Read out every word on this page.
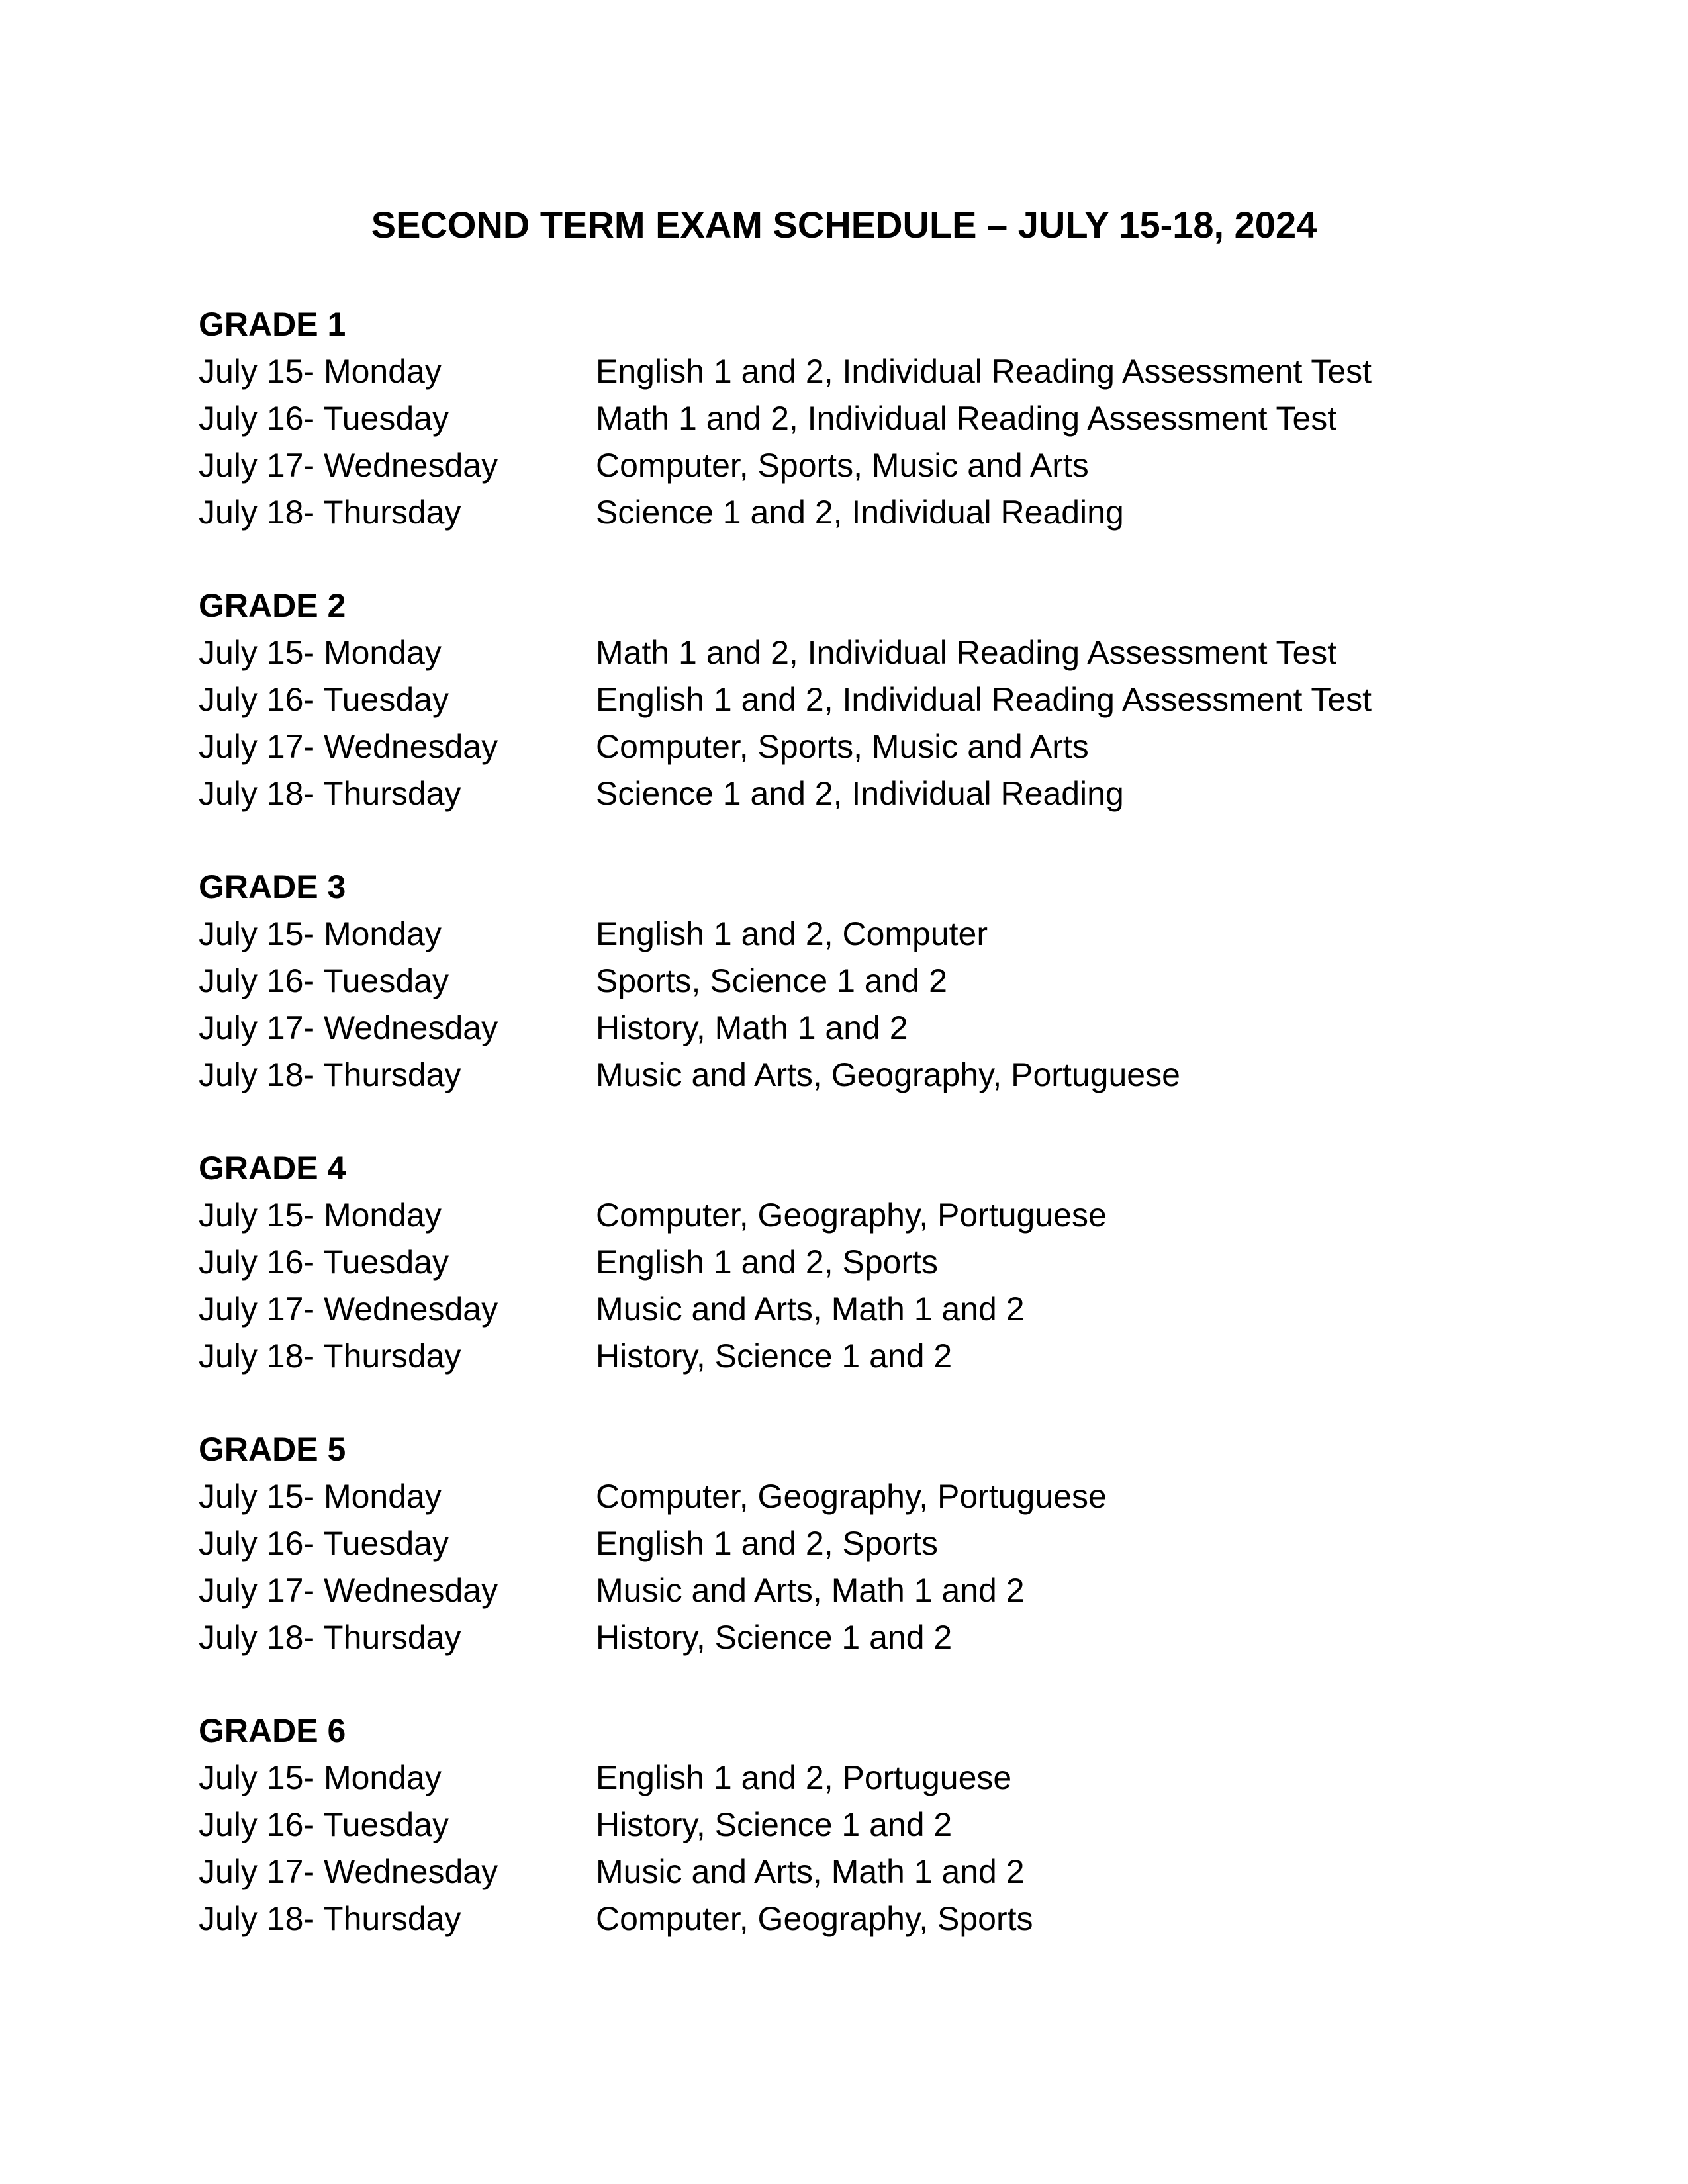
SECOND TERM EXAM SCHEDULE – JULY 15-18, 2024
GRADE 1
July 15- Monday	English 1 and 2, Individual Reading Assessment Test
July 16- Tuesday	Math 1 and 2, Individual Reading Assessment Test
July 17- Wednesday	Computer, Sports, Music and Arts
July 18- Thursday	Science 1 and 2, Individual Reading
GRADE 2
July 15- Monday	Math 1 and 2, Individual Reading Assessment Test
July 16- Tuesday	English 1 and 2, Individual Reading Assessment Test
July 17- Wednesday	Computer, Sports, Music and Arts
July 18- Thursday	Science 1 and 2, Individual Reading
GRADE 3
July 15- Monday	English 1 and 2, Computer
July 16- Tuesday	Sports, Science 1 and 2
July 17- Wednesday	History, Math 1 and 2
July 18- Thursday	Music and Arts, Geography, Portuguese
GRADE 4
July 15- Monday	Computer, Geography, Portuguese
July 16- Tuesday	English 1 and 2, Sports
July 17- Wednesday	Music and Arts, Math 1 and 2
July 18- Thursday	History, Science 1 and 2
GRADE 5
July 15- Monday	Computer, Geography, Portuguese
July 16- Tuesday	English 1 and 2, Sports
July 17- Wednesday	Music and Arts, Math 1 and 2
July 18- Thursday	History, Science 1 and 2
GRADE 6
July 15- Monday	English 1 and 2, Portuguese
July 16- Tuesday	History, Science 1 and 2
July 17- Wednesday	Music and Arts, Math 1 and 2
July 18- Thursday	Computer, Geography, Sports
